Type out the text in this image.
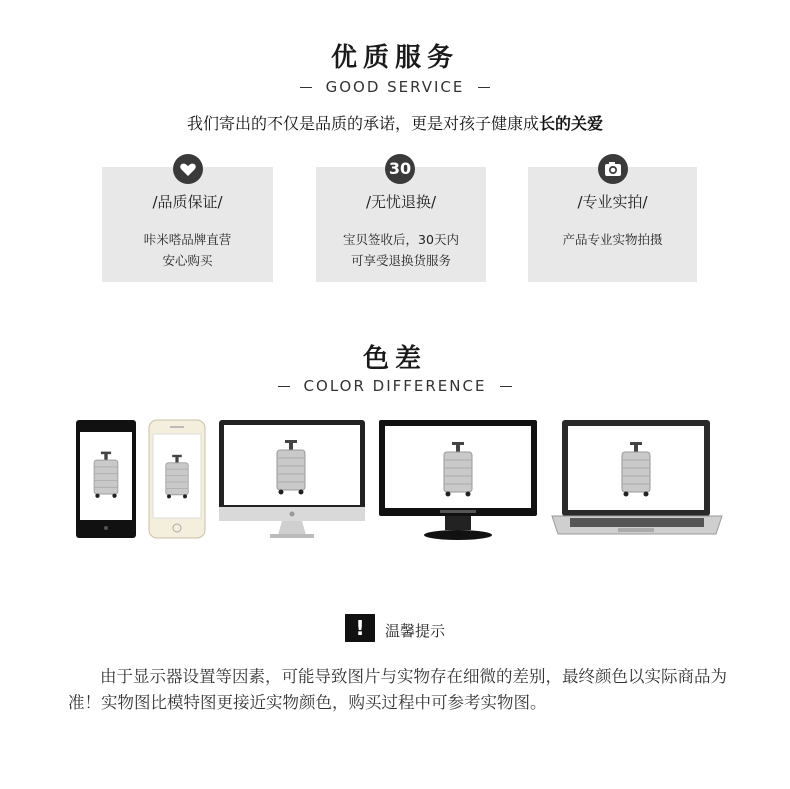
优质服务
GOOD SERVICE
我们寄出的不仅是品质的承诺，更是对孩子健康成长的关爱
/品质保证/
咔米嗒品牌直营
安心购买
/无忧退换/
宝贝签收后，30天内
可享受退换货服务
/专业实拍/
产品专业实物拍摄
30
色差
COLOR DIFFERENCE
!	温馨提示
由于显示器设置等因素，可能导致图片与实物存在细微的差别，最终颜色以实际商品为准！实物图比模特图更接近实物颜色，购买过程中可参考实物图。
